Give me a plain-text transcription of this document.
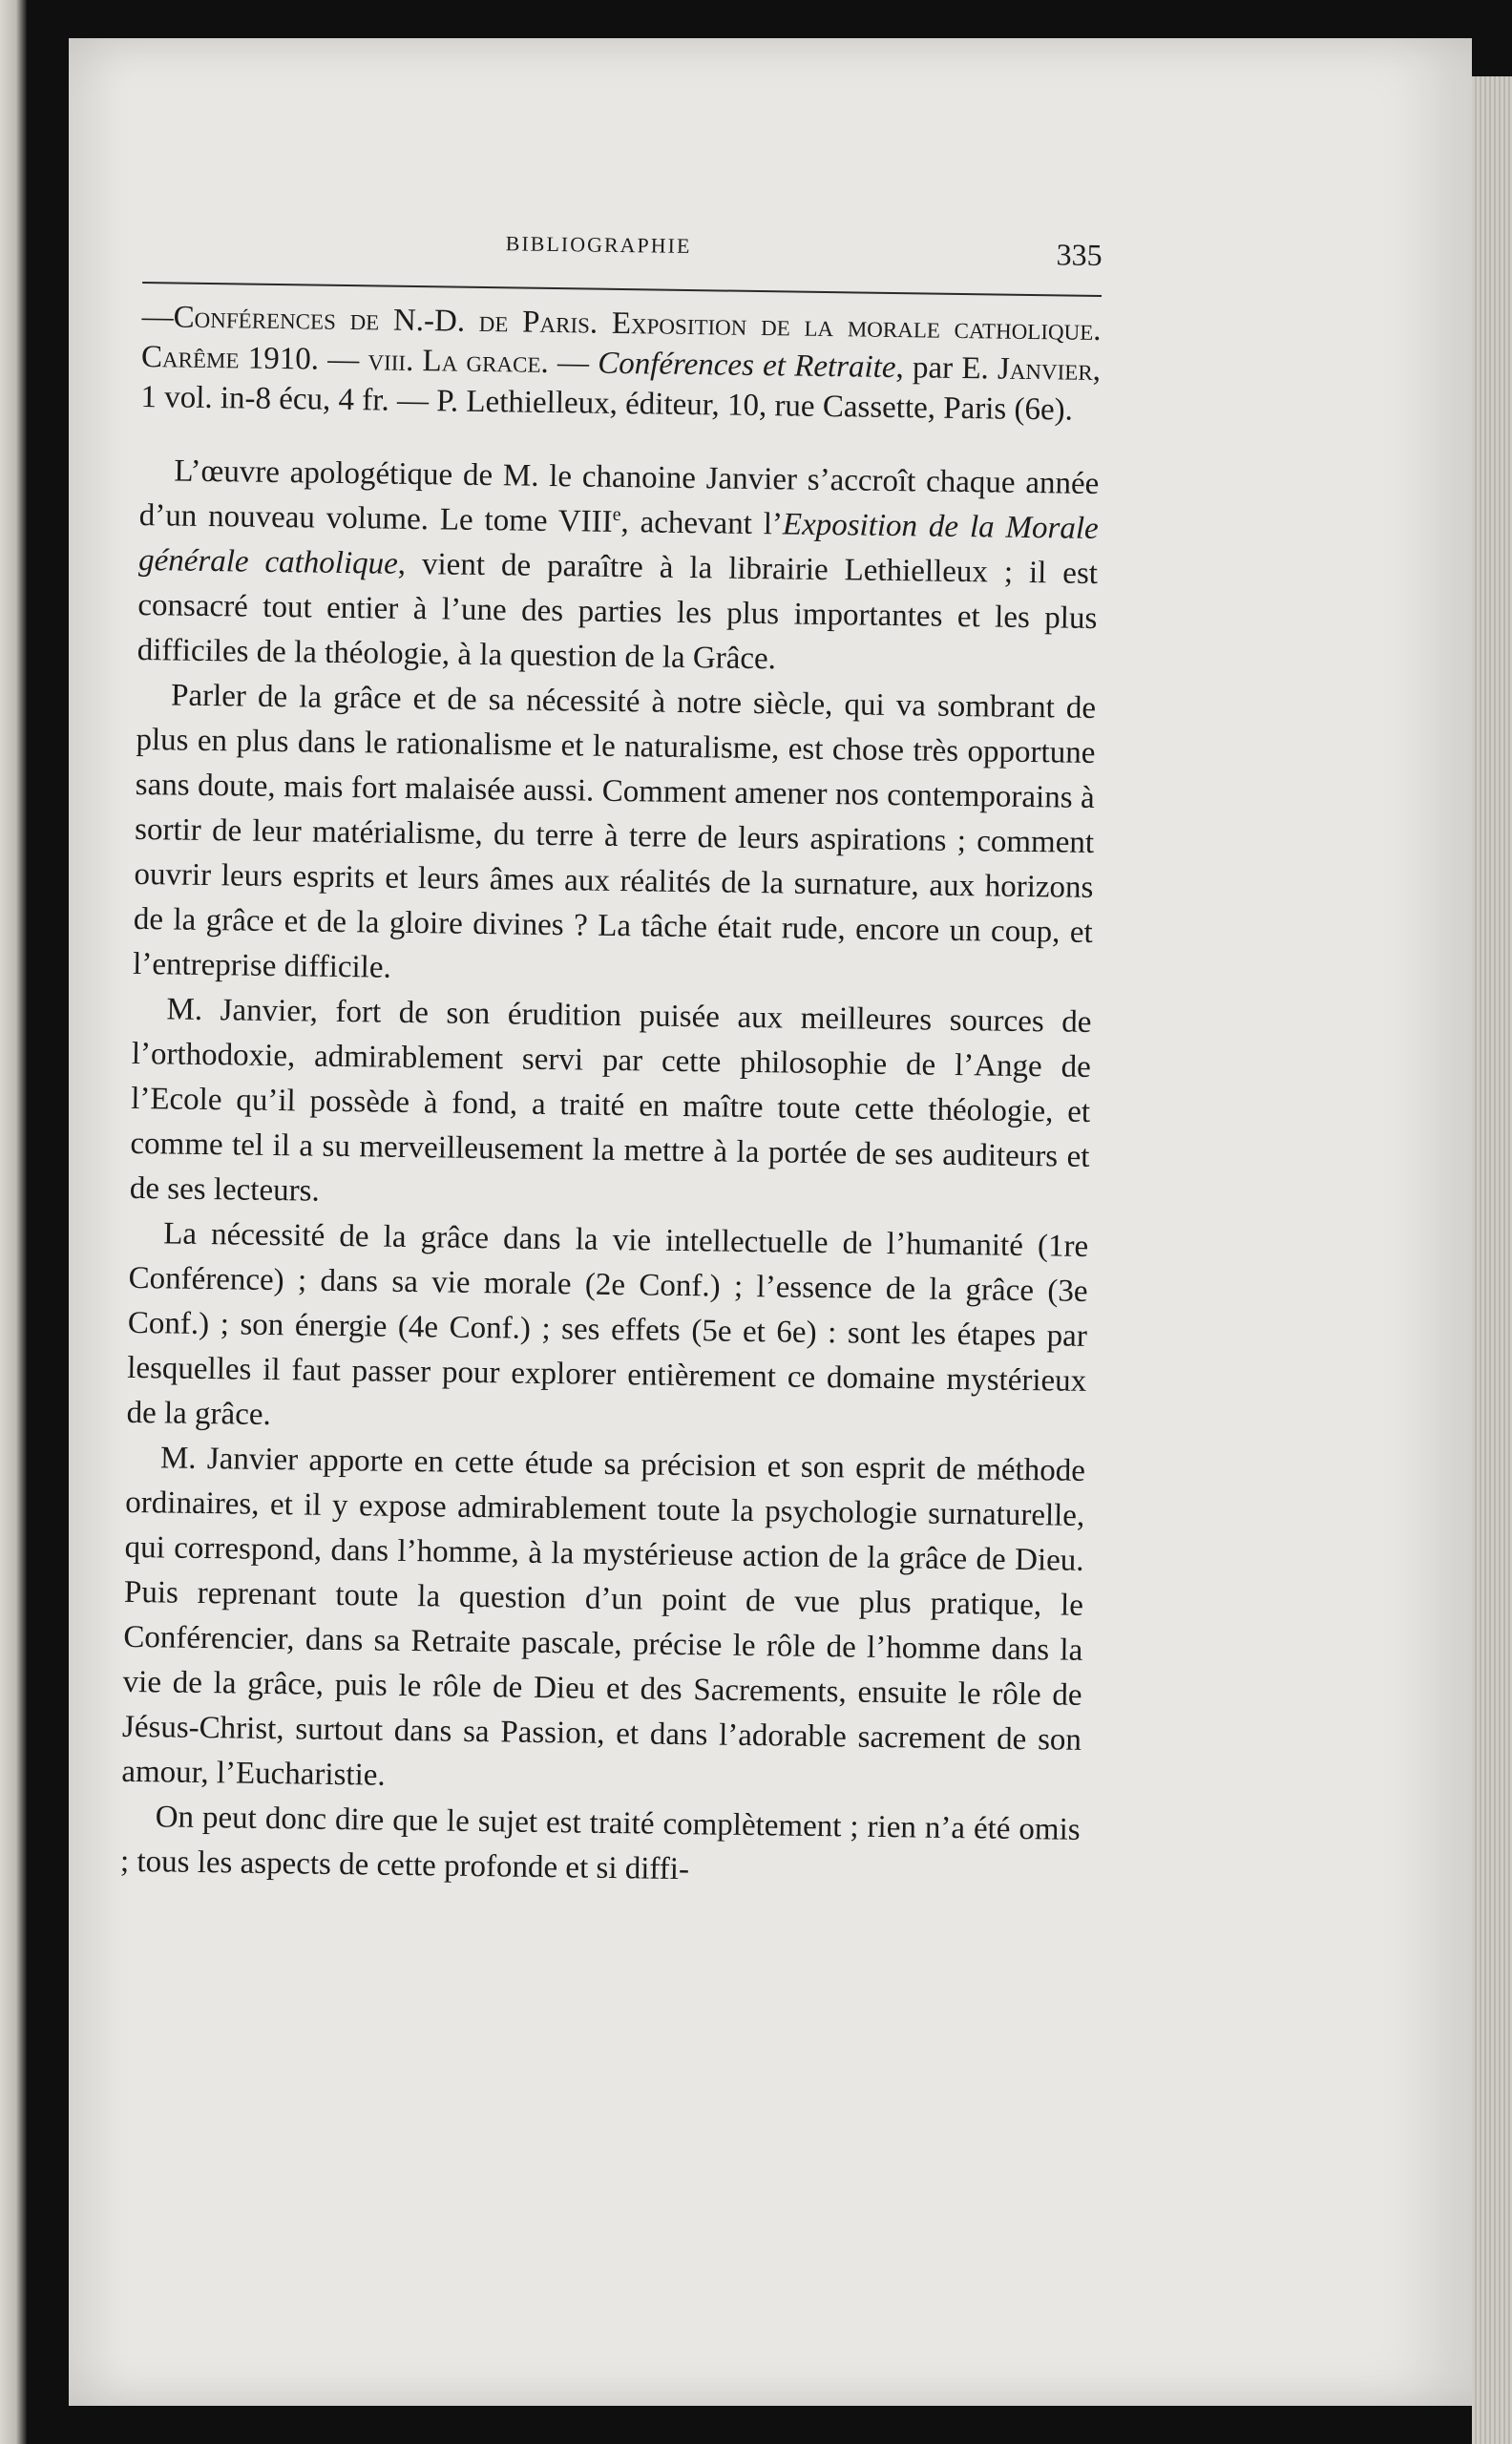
BIBLIOGRAPHIE	335

—Conférences de N.-D. de Paris. Exposition de la morale catholique. Carême 1910. — viii. La grace. — Conférences et Retraite, par E. Janvier, 1 vol. in-8 écu, 4 fr. — P. Lethielleux, éditeur, 10, rue Cassette, Paris (6e).

L’œuvre apologétique de M. le chanoine Janvier s’accroît chaque année d’un nouveau volume. Le tome VIIIe, achevant l’Exposition de la Morale générale catholique, vient de paraître à la librairie Lethielleux ; il est consacré tout entier à l’une des parties les plus importantes et les plus difficiles de la théologie, à la question de la Grâce.

Parler de la grâce et de sa nécessité à notre siècle, qui va sombrant de plus en plus dans le rationalisme et le naturalisme, est chose très opportune sans doute, mais fort malaisée aussi. Comment amener nos contemporains à sortir de leur matérialisme, du terre à terre de leurs aspirations ; comment ouvrir leurs esprits et leurs âmes aux réalités de la surnature, aux horizons de la grâce et de la gloire divines ? La tâche était rude, encore un coup, et l’entreprise difficile.

M. Janvier, fort de son érudition puisée aux meilleures sources de l’orthodoxie, admirablement servi par cette philosophie de l’Ange de l’Ecole qu’il possède à fond, a traité en maître toute cette théologie, et comme tel il a su merveilleusement la mettre à la portée de ses auditeurs et de ses lecteurs.

La nécessité de la grâce dans la vie intellectuelle de l’humanité (1re Conférence) ; dans sa vie morale (2e Conf.) ; l’essence de la grâce (3e Conf.) ; son énergie (4e Conf.) ; ses effets (5e et 6e) : sont les étapes par lesquelles il faut passer pour explorer entièrement ce domaine mystérieux de la grâce.

M. Janvier apporte en cette étude sa précision et son esprit de méthode ordinaires, et il y expose admirablement toute la psychologie surnaturelle, qui correspond, dans l’homme, à la mystérieuse action de la grâce de Dieu. Puis reprenant toute la question d’un point de vue plus pratique, le Conférencier, dans sa Retraite pascale, précise le rôle de l’homme dans la vie de la grâce, puis le rôle de Dieu et des Sacrements, ensuite le rôle de Jésus-Christ, surtout dans sa Passion, et dans l’adorable sacrement de son amour, l’Eucharistie.

On peut donc dire que le sujet est traité complètement ; rien n’a été omis ; tous les aspects de cette profonde et si diffi-
